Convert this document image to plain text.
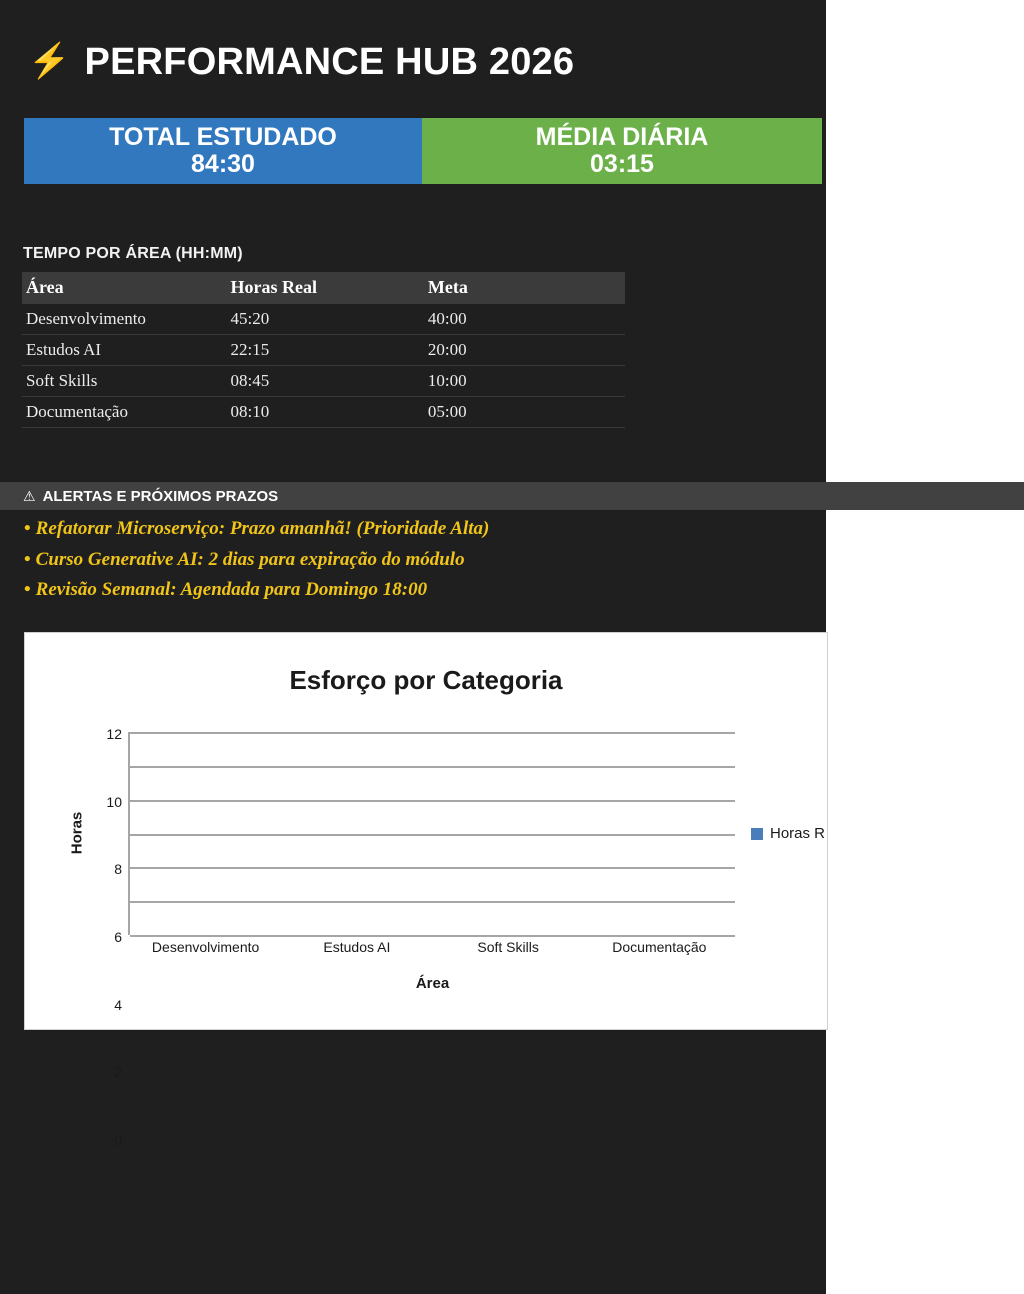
⚡ PERFORMANCE HUB 2026
TOTAL ESTUDADO
84:30
MÉDIA DIÁRIA
03:15
TEMPO POR ÁREA (HH:MM)
Área	Horas Real	Meta
Desenvolvimento	45:20	40:00
Estudos AI	22:15	20:00
Soft Skills	08:45	10:00
Documentação	08:10	05:00
⚠ ALERTAS E PRÓXIMOS PRAZOS
• Refatorar Microserviço: Prazo amanhã! (Prioridade Alta)
• Curso Generative AI: 2 dias para expiração do módulo
• Revisão Semanal: Agendada para Domingo 18:00
Esforço por Categoria
Horas
12
10
8
6
4
2
0
Desenvolvimento	Estudos AI	Soft Skills	Documentação
Área
Horas R
